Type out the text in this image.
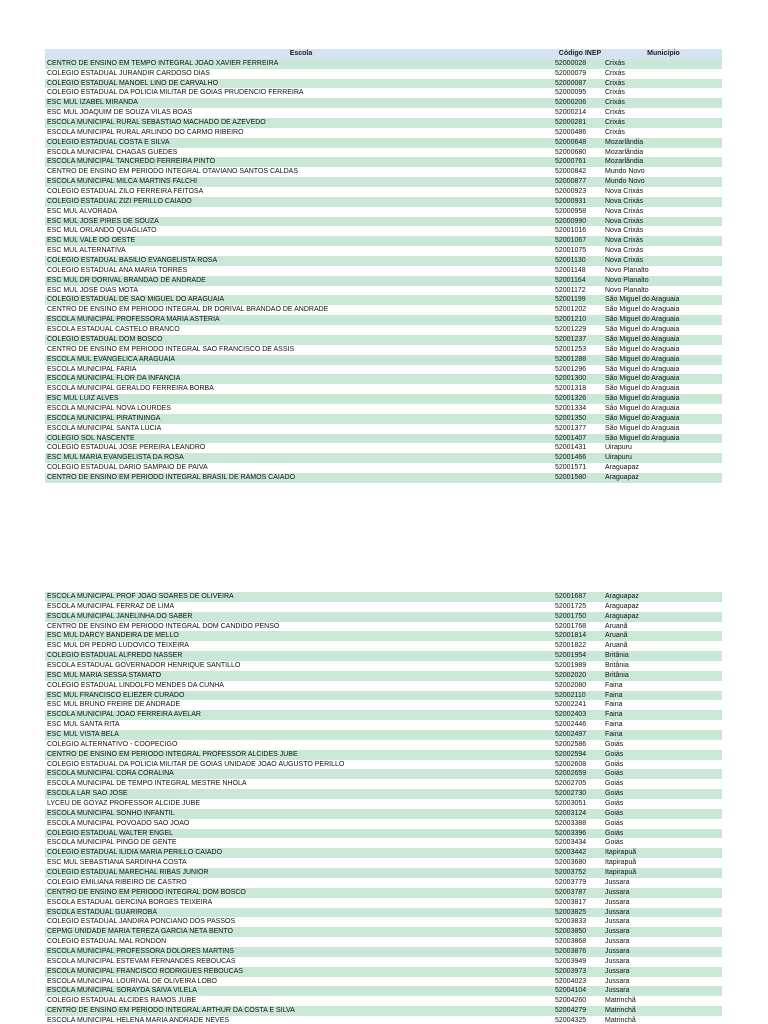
Escola	Código INEP	Município
CENTRO DE ENSINO EM TEMPO INTEGRAL JOAO XAVIER FERREIRA	52000028	Crixás
COLEGIO ESTADUAL JURANDIR CARDOSO DIAS	52000079	Crixás
COLEGIO ESTADUAL MANOEL LINO DE CARVALHO	52000087	Crixás
COLEGIO ESTADUAL DA POLICIA MILITAR DE GOIAS PRUDENCIO FERREIRA	52000095	Crixás
ESC MUL IZABEL MIRANDA	52000206	Crixás
ESC MUL JOAQUIM DE SOUZA VILAS BOAS	52000214	Crixás
ESCOLA MUNICIPAL RURAL SEBASTIAO MACHADO DE AZEVEDO	52000281	Crixás
ESCOLA MUNICIPAL RURAL ARLINDO DO CARMO RIBEIRO	52000486	Crixás
COLEGIO ESTADUAL COSTA E SILVA	52000648	Mozarlândia
ESCOLA MUNICIPAL CHAGAS GUEDES	52000680	Mozarlândia
ESCOLA MUNICIPAL TANCREDO FERREIRA PINTO	52000761	Mozarlândia
CENTRO DE ENSINO EM PERIODO INTEGRAL OTAVIANO SANTOS CALDAS	52000842	Mundo Novo
ESCOLA MUNICIPAL MILCA MARTINS FALCHI	52000877	Mundo Novo
COLEGIO ESTADUAL ZILO FERREIRA FEITOSA	52000923	Nova Crixás
COLEGIO ESTADUAL ZIZI PERILLO CAIADO	52000931	Nova Crixás
ESC MUL ALVORADA	52000958	Nova Crixás
ESC MUL JOSE PIRES DE SOUZA	52000990	Nova Crixás
ESC MUL ORLANDO QUAGLIATO	52001016	Nova Crixás
ESC MUL VALE DO OESTE	52001067	Nova Crixás
ESC MUL ALTERNATIVA	52001075	Nova Crixás
COLEGIO ESTADUAL BASILIO EVANGELISTA ROSA	52001130	Nova Crixás
COLEGIO ESTADUAL ANA MARIA TORRES	52001148	Novo Planalto
ESC MUL DR DORIVAL BRANDAO DE ANDRADE	52001164	Novo Planalto
ESC MUL JOSE DIAS MOTA	52001172	Novo Planalto
COLEGIO ESTADUAL DE SAO MIGUEL DO ARAGUAIA	52001199	São Miguel do Araguaia
CENTRO DE ENSINO EM PERIODO INTEGRAL DR DORIVAL BRANDAO DE ANDRADE	52001202	São Miguel do Araguaia
ESCOLA MUNICIPAL PROFESSORA MARIA ASTERIA	52001210	São Miguel do Araguaia
ESCOLA ESTADUAL CASTELO BRANCO	52001229	São Miguel do Araguaia
COLEGIO ESTADUAL DOM BOSCO	52001237	São Miguel do Araguaia
CENTRO DE ENSINO EM PERIODO INTEGRAL SAO FRANCISCO DE ASSIS	52001253	São Miguel do Araguaia
ESCOLA MUL EVANGELICA ARAGUAIA	52001288	São Miguel do Araguaia
ESCOLA MUNICIPAL FARIA	52001296	São Miguel do Araguaia
ESCOLA MUNICIPAL FLOR DA INFANCIA	52001300	São Miguel do Araguaia
ESCOLA MUNICIPAL GERALDO FERREIRA BORBA	52001318	São Miguel do Araguaia
ESC MUL LUIZ ALVES	52001326	São Miguel do Araguaia
ESCOLA MUNICIPAL NOVA LOURDES	52001334	São Miguel do Araguaia
ESCOLA MUNICIPAL PIRATININGA	52001350	São Miguel do Araguaia
ESCOLA MUNICIPAL SANTA LUCIA	52001377	São Miguel do Araguaia
COLEGIO SOL NASCENTE	52001407	São Miguel do Araguaia
COLEGIO ESTADUAL JOSE PEREIRA LEANDRO	52001431	Uirapuru
ESC MUL MARIA EVANGELISTA DA ROSA	52001466	Uirapuru
COLEGIO ESTADUAL DARIO SAMPAIO DE PAIVA	52001571	Araguapaz
CENTRO DE ENSINO EM PERIODO INTEGRAL BRASIL DE RAMOS CAIADO	52001580	Araguapaz
ESCOLA MUNICIPAL PROF JOAO SOARES DE OLIVEIRA	52001687	Araguapaz
ESCOLA MUNICIPAL FERRAZ DE LIMA	52001725	Araguapaz
ESCOLA MUNICIPAL JANELINHA DO SABER	52001750	Araguapaz
CENTRO DE ENSINO EM PERIODO INTEGRAL DOM CANDIDO PENSO	52001768	Aruanã
ESC MUL DARCY BANDEIRA DE MELLO	52001814	Aruanã
ESC MUL DR PEDRO LUDOVICO TEIXEIRA	52001822	Aruanã
COLEGIO ESTADUAL ALFREDO NASSER	52001954	Britânia
ESCOLA ESTADUAL GOVERNADOR HENRIQUE SANTILLO	52001989	Britânia
ESC MUL MARIA SESSA STAMATO	52002020	Britânia
COLEGIO ESTADUAL LINDOLFO MENDES DA CUNHA	52002080	Faina
ESC MUL FRANCISCO ELIEZER CURADO	52002110	Faina
ESC MUL BRUNO FREIRE DE ANDRADE	52002241	Faina
ESCOLA MUNICIPAL JOAO FERREIRA AVELAR	52002403	Faina
ESC MUL SANTA RITA	52002446	Faina
ESC MUL VISTA BELA	52002497	Faina
COLEGIO ALTERNATIVO - COOPECIGO	52002586	Goiás
CENTRO DE ENSINO EM PERIODO INTEGRAL PROFESSOR ALCIDES JUBE	52002594	Goiás
COLEGIO ESTADUAL DA POLICIA MILITAR DE GOIAS UNIDADE JOAO AUGUSTO PERILLO	52002608	Goiás
ESCOLA MUNICIPAL CORA CORALINA	52002659	Goiás
ESCOLA MUNICIPAL DE TEMPO INTEGRAL MESTRE NHOLA	52002705	Goiás
ESCOLA LAR SAO JOSE	52002730	Goiás
LYCEU DE GOYAZ PROFESSOR ALCIDE JUBE	52003051	Goiás
ESCOLA MUNICIPAL SONHO INFANTIL	52003124	Goiás
ESCOLA MUNICIPAL POVOADO SAO JOAO	52003388	Goiás
COLEGIO ESTADUAL WALTER ENGEL	52003396	Goiás
ESCOLA MUNICIPAL PINGO DE GENTE	52003434	Goiás
COLEGIO ESTADUAL ILIDIA MARIA PERILLO CAIADO	52003442	Itapirapuã
ESC MUL SEBASTIANA SARDINHA COSTA	52003680	Itapirapuã
COLEGIO ESTADUAL MARECHAL RIBAS JUNIOR	52003752	Itapirapuã
COLEGIO EMILIANA RIBEIRO DE CASTRO	52003779	Jussara
CENTRO DE ENSINO EM PERIODO INTEGRAL DOM BOSCO	52003787	Jussara
ESCOLA ESTADUAL GERCINA BORGES TEIXEIRA	52003817	Jussara
ESCOLA ESTADUAL GUARIROBA	52003825	Jussara
COLEGIO ESTADUAL JANDIRA PONCIANO DOS PASSOS	52003833	Jussara
CEPMG UNIDADE MARIA TEREZA GARCIA NETA BENTO	52003850	Jussara
COLEGIO ESTADUAL MAL RONDON	52003868	Jussara
ESCOLA MUNICIPAL PROFESSORA DOLORES MARTINS	52003876	Jussara
ESCOLA MUNICIPAL ESTEVAM FERNANDES REBOUCAS	52003949	Jussara
ESCOLA MUNICIPAL FRANCISCO RODRIGUES REBOUCAS	52003973	Jussara
ESCOLA MUNICIPAL LOURIVAL DE OLIVEIRA LOBO	52004023	Jussara
ESCOLA MUNICIPAL SORAYDA SAIVA VILELA	52004104	Jussara
COLEGIO ESTADUAL ALCIDES RAMOS JUBE	52004260	Matrinchã
CENTRO DE ENSINO EM PERIODO INTEGRAL ARTHUR DA COSTA E SILVA	52004279	Matrinchã
ESCOLA MUNICIPAL HELENA MARIA ANDRADE NEVES	52004325	Matrinchã
